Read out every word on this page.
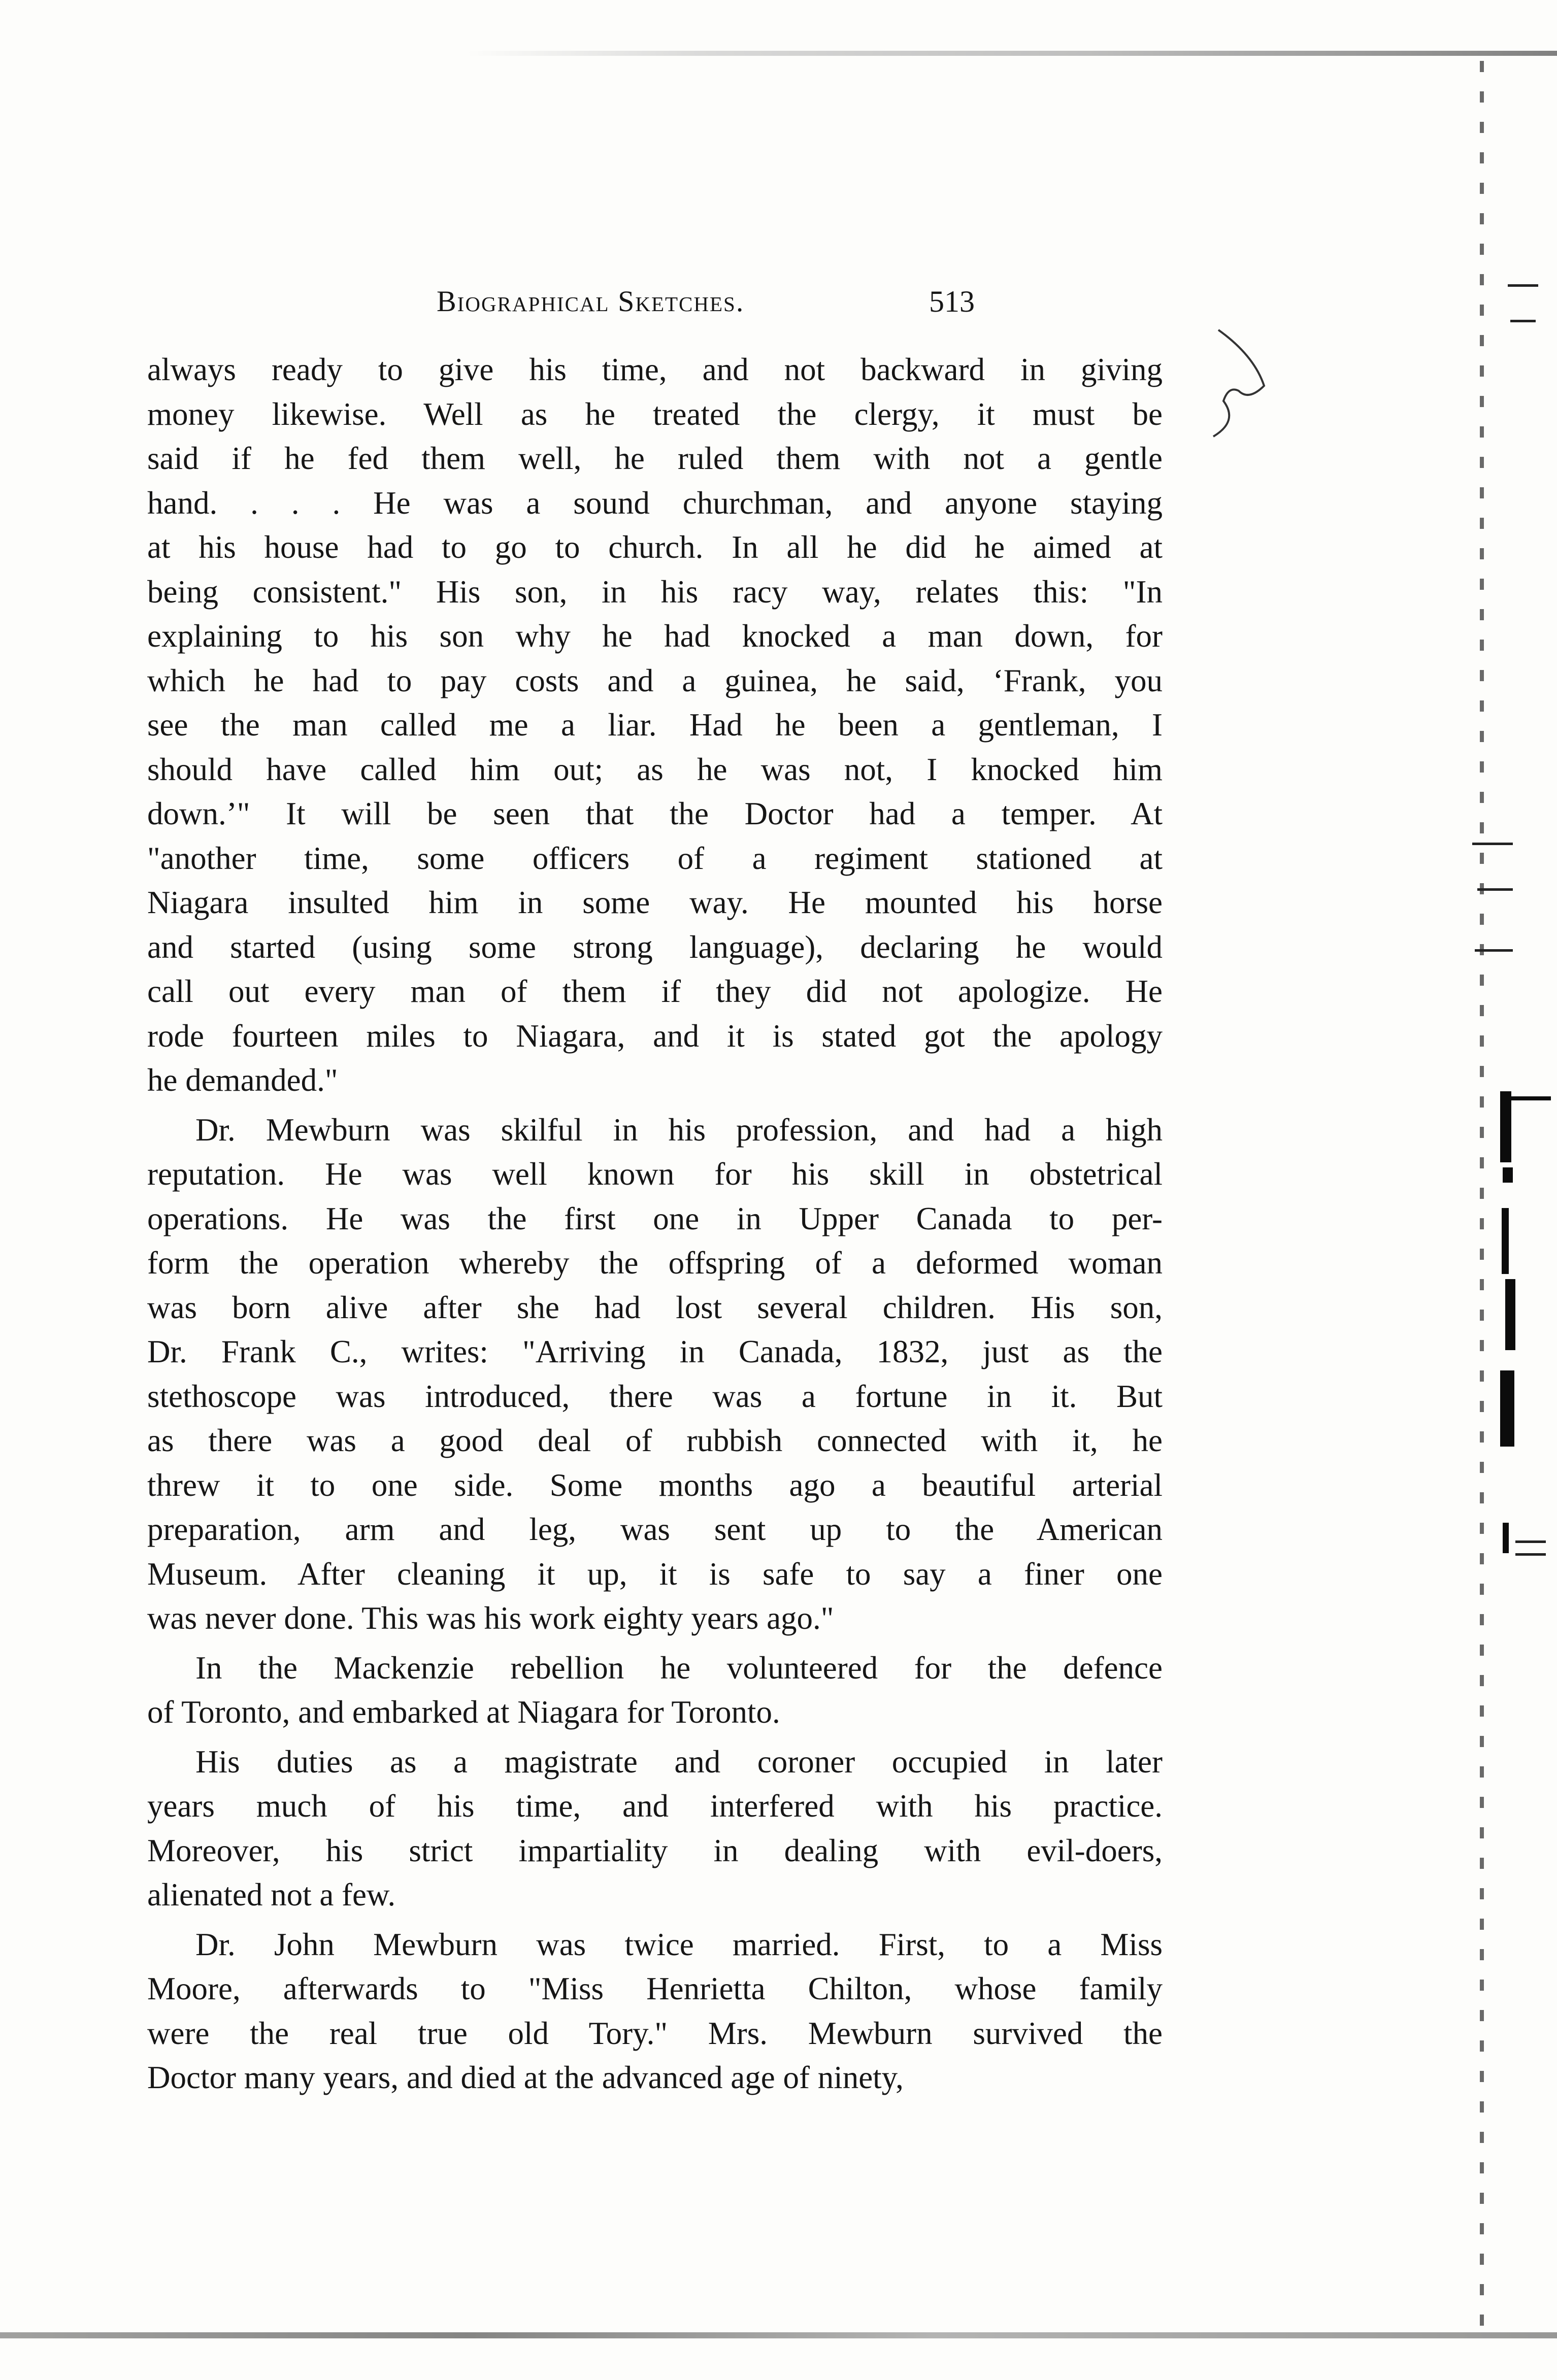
Biographical Sketches.	513
always ready to give his time, and not backward in giving
money likewise. Well as he treated the clergy, it must be
said if he fed them well, he ruled them with not a gentle
hand. . . . He was a sound churchman, and anyone staying
at his house had to go to church. In all he did he aimed at
being consistent." His son, in his racy way, relates this: "In
explaining to his son why he had knocked a man down, for
which he had to pay costs and a guinea, he said, ‘Frank, you
see the man called me a liar. Had he been a gentleman, I
should have called him out; as he was not, I knocked him
down.’" It will be seen that the Doctor had a temper. At
"another time, some officers of a regiment stationed at
Niagara insulted him in some way. He mounted his horse
and started (using some strong language), declaring he would
call out every man of them if they did not apologize. He
rode fourteen miles to Niagara, and it is stated got the apology
he demanded."
Dr. Mewburn was skilful in his profession, and had a high
reputation. He was well known for his skill in obstetrical
operations. He was the first one in Upper Canada to per-
form the operation whereby the offspring of a deformed woman
was born alive after she had lost several children. His son,
Dr. Frank C., writes: "Arriving in Canada, 1832, just as the
stethoscope was introduced, there was a fortune in it. But
as there was a good deal of rubbish connected with it, he
threw it to one side. Some months ago a beautiful arterial
preparation, arm and leg, was sent up to the American
Museum. After cleaning it up, it is safe to say a finer one
was never done. This was his work eighty years ago."
In the Mackenzie rebellion he volunteered for the defence
of Toronto, and embarked at Niagara for Toronto.
His duties as a magistrate and coroner occupied in later
years much of his time, and interfered with his practice.
Moreover, his strict impartiality in dealing with evil-doers,
alienated not a few.
Dr. John Mewburn was twice married. First, to a Miss
Moore, afterwards to "Miss Henrietta Chilton, whose family
were the real true old Tory." Mrs. Mewburn survived the
Doctor many years, and died at the advanced age of ninety,
